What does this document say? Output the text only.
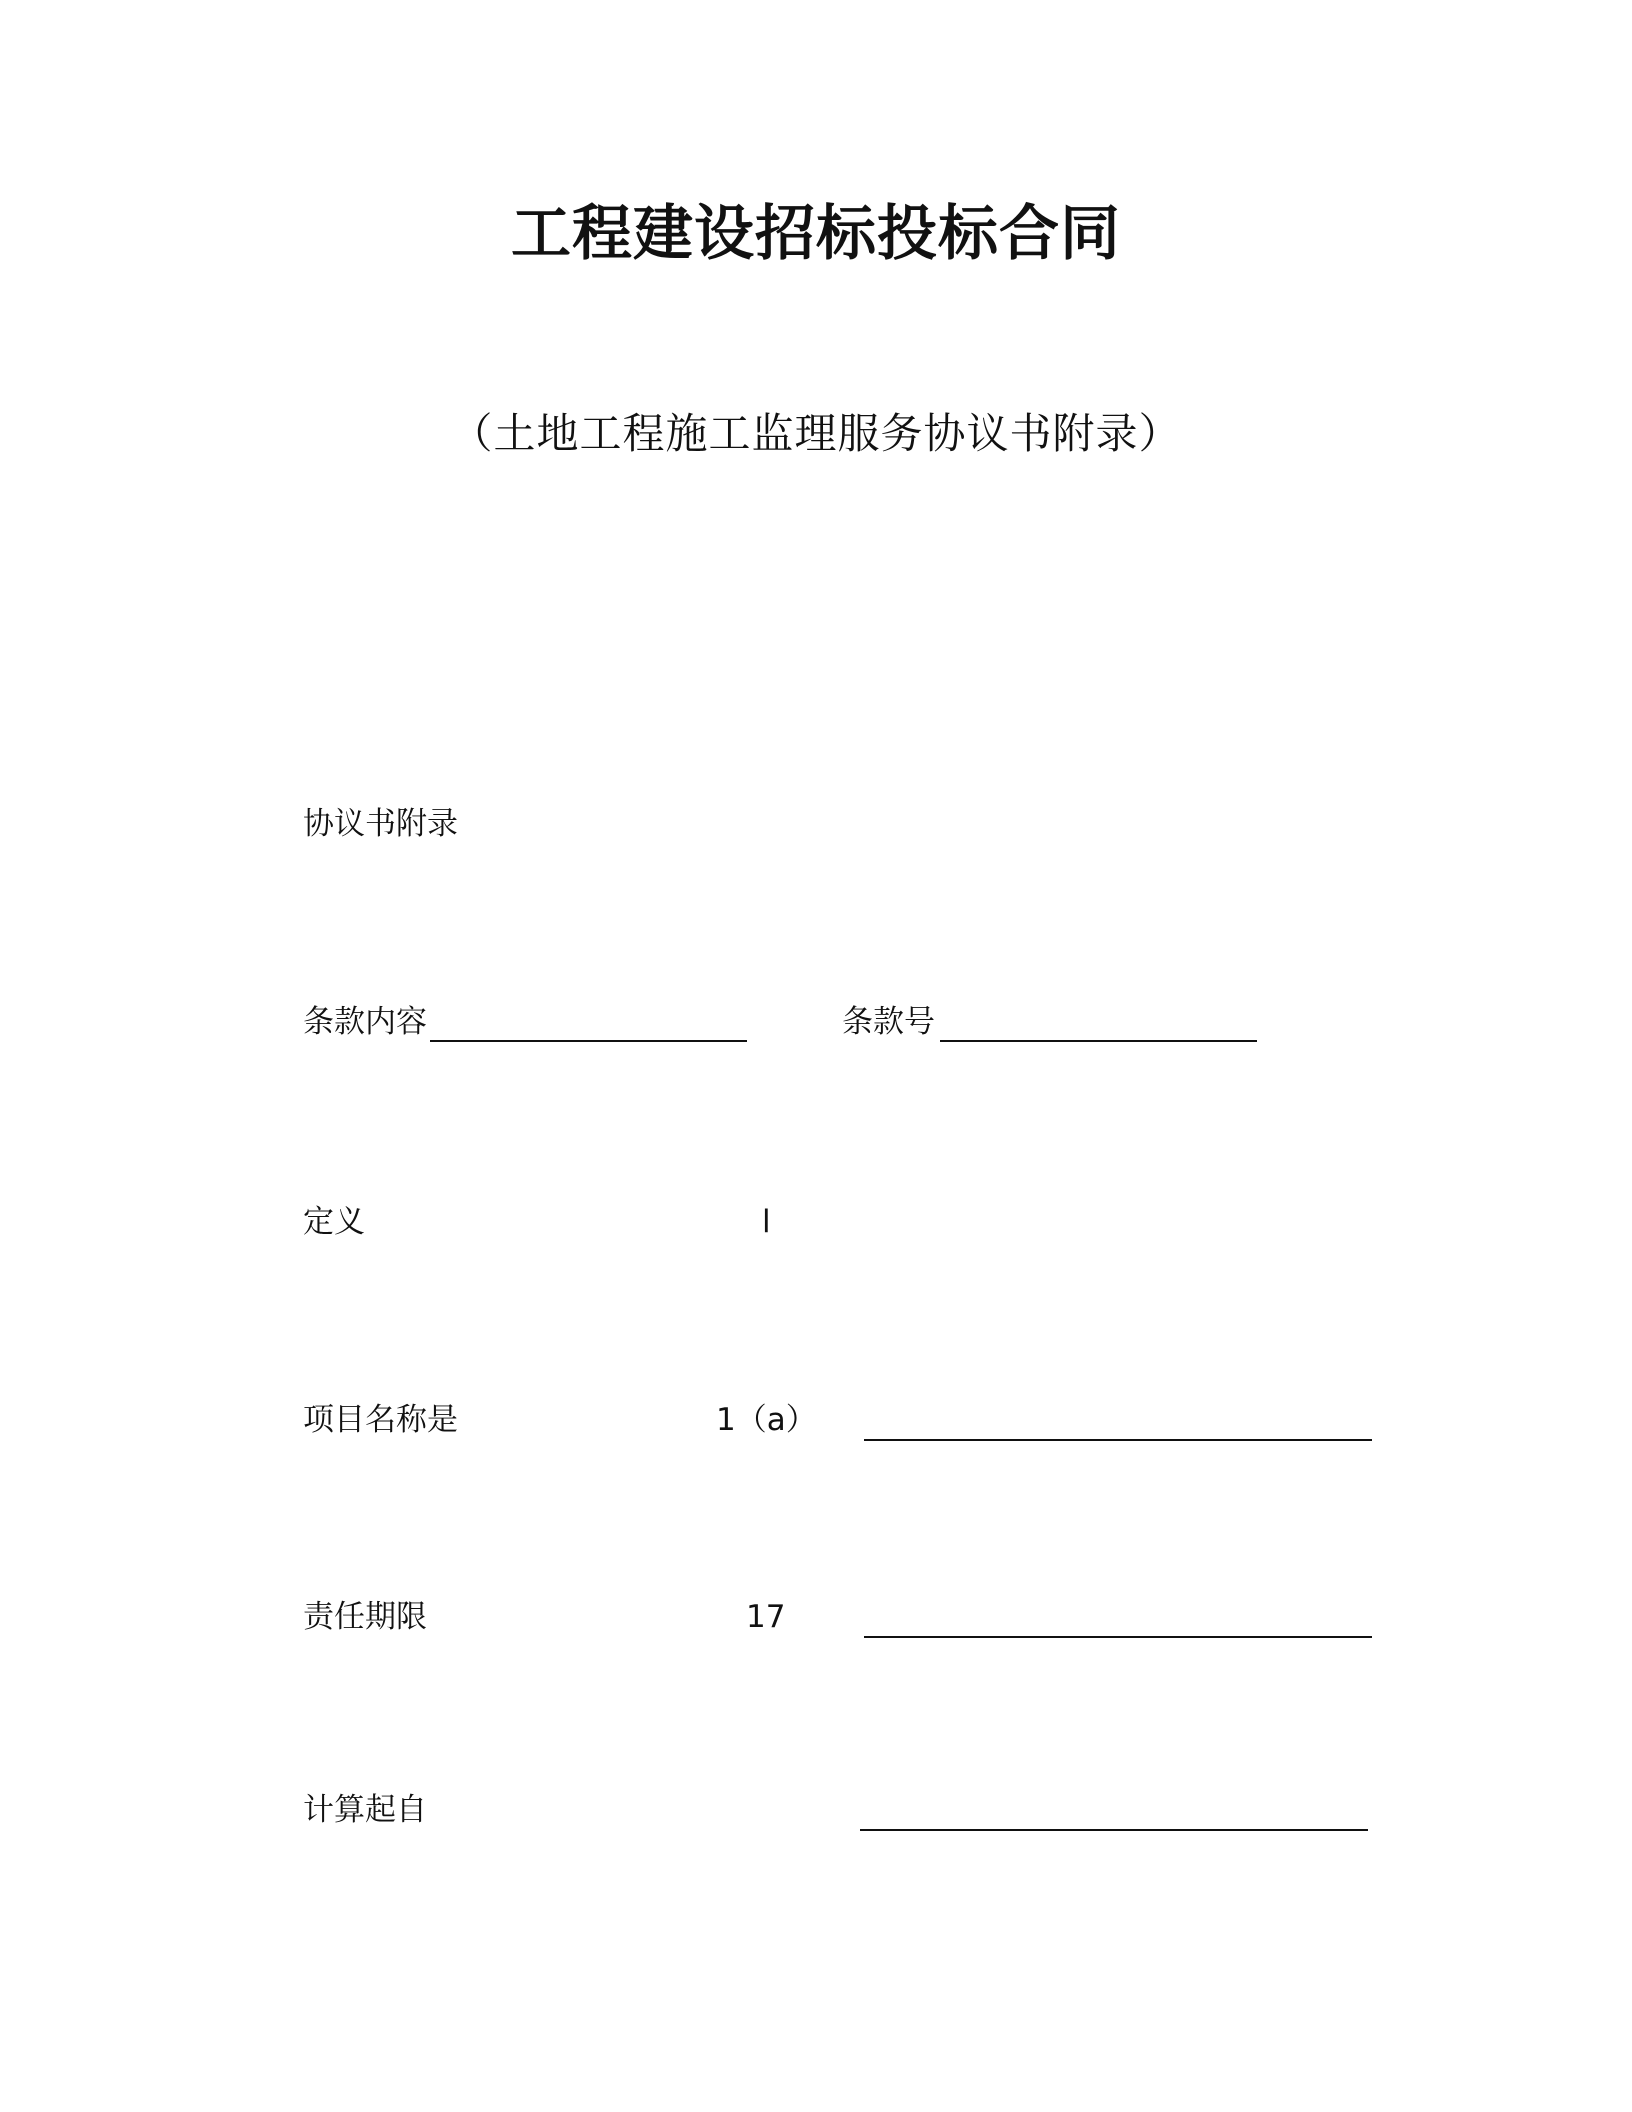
工程建设招标投标合同
（土地工程施工监理服务协议书附录）
协议书附录
条款内容	条款号
定义	l
项目名称是	1（a）
责任期限	17
计算起自
